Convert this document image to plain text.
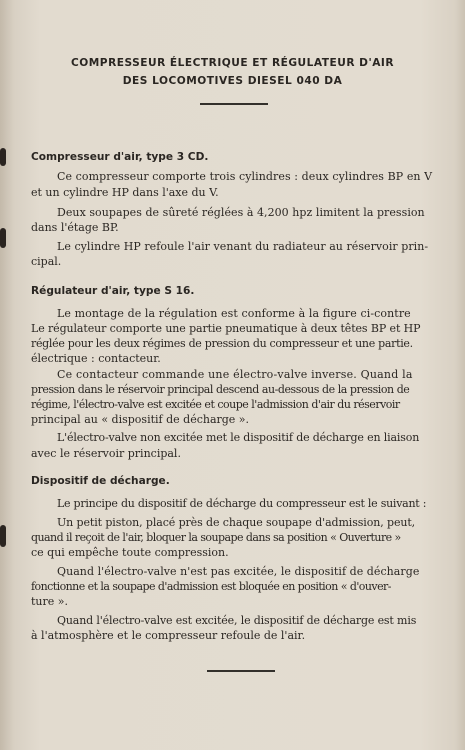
COMPRESSEUR ÉLECTRIQUE ET RÉGULATEUR D'AIR
DES LOCOMOTIVES DIESEL 040 DA
Compresseur d'air, type 3 CD.
Ce compresseur comporte trois cylindres : deux cylindres BP en V
et un cylindre HP dans l'axe du V.
Deux soupapes de sûreté réglées à 4,200 hpz limitent la pression
dans l'étage BP.
Le cylindre HP refoule l'air venant du radiateur au réservoir prin-
cipal.
Régulateur d'air, type S 16.
Le montage de la régulation est conforme à la figure ci-contre
Le régulateur comporte une partie pneumatique à deux têtes BP et HP
réglée pour les deux régimes de pression du compresseur et une partie.
électrique : contacteur.
Ce contacteur commande une électro-valve inverse. Quand la
pression dans le réservoir principal descend au-dessous de la pression de
régime, l'électro-valve est excitée et coupe l'admission d'air du réservoir
principal au « dispositif de décharge ».
L'électro-valve non excitée met le dispositif de décharge en liaison
avec le réservoir principal.
Dispositif de décharge.
Le principe du dispositif de décharge du compresseur est le suivant :
Un petit piston, placé près de chaque soupape d'admission, peut,
quand il reçoit de l'air, bloquer la soupape dans sa position « Ouverture »
ce qui empêche toute compression.
Quand l'électro-valve n'est pas excitée, le dispositif de décharge
fonctionne et la soupape d'admission est bloquée en position « d'ouver-
ture ».
Quand l'électro-valve est excitée, le dispositif de décharge est mis
à l'atmosphère et le compresseur refoule de l'air.
